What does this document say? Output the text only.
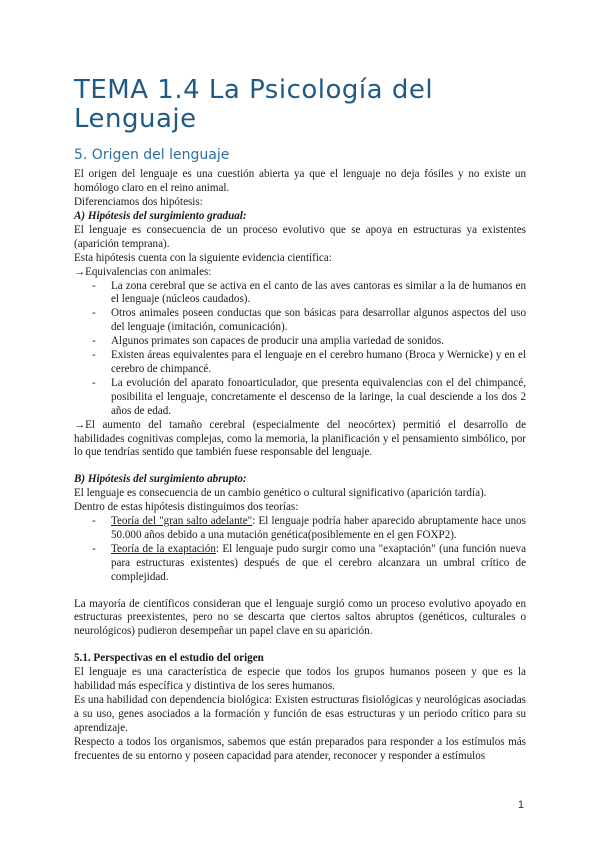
TEMA 1.4 La Psicología del Lenguaje
5. Origen del lenguaje

El origen del lenguaje es una cuestión abierta ya que el lenguaje no deja fósiles y no existe un homólogo claro en el reino animal.

Diferenciamos dos hipótesis:

A) Hipótesis del surgimiento gradual:

El lenguaje es consecuencia de un proceso evolutivo que se apoya en estructuras ya existentes (aparición temprana).

Esta hipótesis cuenta con la siguiente evidencia científica:

→Equivalencias con animales:

- La zona cerebral que se activa en el canto de las aves cantoras es similar a la de humanos en el lenguaje (núcleos caudados).
- Otros animales poseen conductas que son básicas para desarrollar algunos aspectos del uso del lenguaje (imitación, comunicación).
- Algunos primates son capaces de producir una amplia variedad de sonidos.
- Existen áreas equivalentes para el lenguaje en el cerebro humano (Broca y Wernicke) y en el cerebro de chimpancé.
- La evolución del aparato fonoarticulador, que presenta equivalencias con el del chimpancé, posibilita el lenguaje, concretamente el descenso de la laringe, la cual desciende a los dos 2 años de edad.

→El aumento del tamaño cerebral (especialmente del neocórtex) permitió el desarrollo de habilidades cognitivas complejas, como la memoria, la planificación y el pensamiento simbólico, por lo que tendrías sentido que también fuese responsable del lenguaje.

B) Hipótesis del surgimiento abrupto:

El lenguaje es consecuencia de un cambio genético o cultural significativo (aparición tardía).

Dentro de estas hipótesis distinguimos dos teorías:

- Teoría del "gran salto adelante": El lenguaje podría haber aparecido abruptamente hace unos 50.000 años debido a una mutación genética(posiblemente en el gen FOXP2).
- Teoría de la exaptación: El lenguaje pudo surgir como una "exaptación" (una función nueva para estructuras existentes) después de que el cerebro alcanzara un umbral crítico de complejidad.

La mayoría de científicos consideran que el lenguaje surgió como un proceso evolutivo apoyado en estructuras preexistentes, pero no se descarta que ciertos saltos abruptos (genéticos, culturales o neurológicos) pudieron desempeñar un papel clave en su aparición.

5.1. Perspectivas en el estudio del origen

El lenguaje es una característica de especie que todos los grupos humanos poseen y que es la habilidad más específica y distintiva de los seres humanos.

Es una habilidad con dependencia biológica: Existen estructuras fisiológicas y neurológicas asociadas a su uso, genes asociados a la formación y función de esas estructuras y un periodo crítico para su aprendizaje.

Respecto a todos los organismos, sabemos que están preparados para responder a los estímulos más frecuentes de su entorno y poseen capacidad para atender, reconocer y responder a estímulos

1
